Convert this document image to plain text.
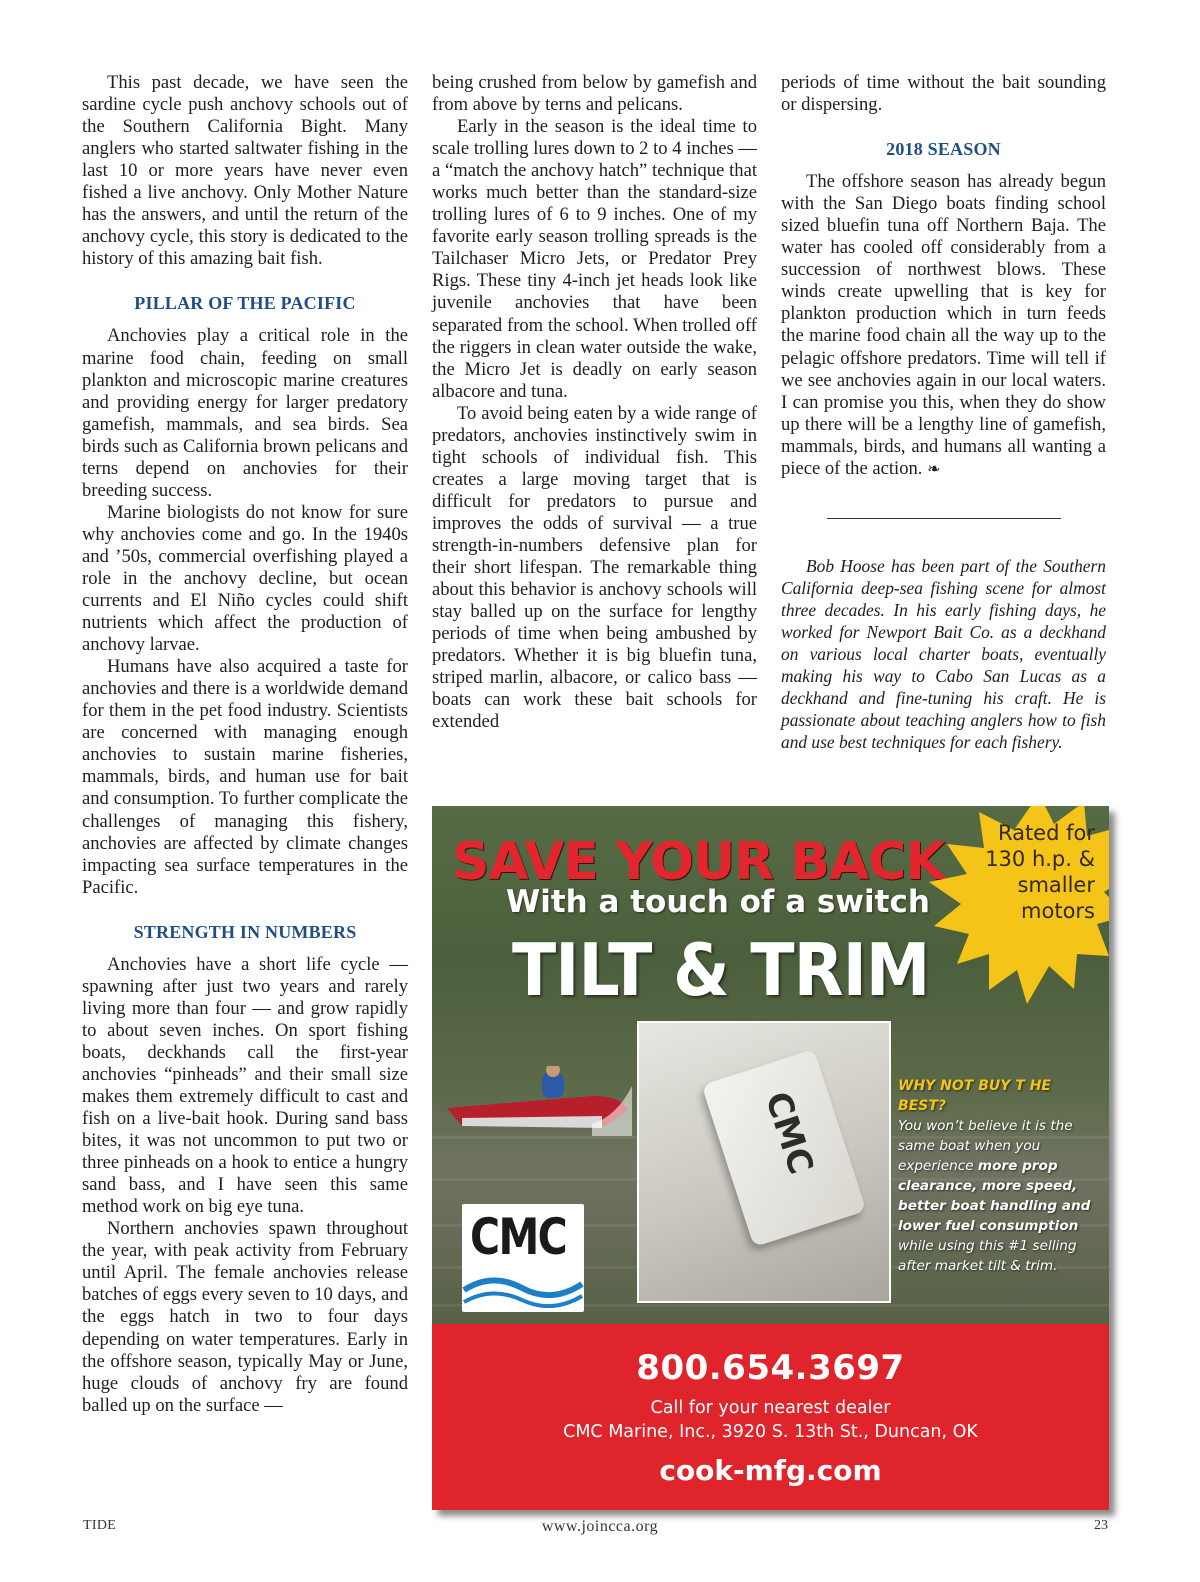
This past decade, we have seen the sardine cycle push anchovy schools out of the Southern California Bight. Many anglers who started saltwater fishing in the last 10 or more years have never even fished a live anchovy. Only Mother Nature has the answers, and until the return of the anchovy cycle, this story is dedicated to the history of this amazing bait fish.

PILLAR OF THE PACIFIC

Anchovies play a critical role in the marine food chain, feeding on small plankton and microscopic marine creatures and providing energy for larger predatory gamefish, mammals, and sea birds. Sea birds such as California brown pelicans and terns depend on anchovies for their breeding success.

Marine biologists do not know for sure why anchovies come and go. In the 1940s and ’50s, commercial overfishing played a role in the anchovy decline, but ocean currents and El Niño cycles could shift nutrients which affect the production of anchovy larvae.

Humans have also acquired a taste for anchovies and there is a worldwide demand for them in the pet food industry. Scientists are concerned with managing enough anchovies to sustain marine fisheries, mammals, birds, and human use for bait and consumption. To further complicate the challenges of managing this fishery, anchovies are affected by climate changes impacting sea surface temperatures in the Pacific.

STRENGTH IN NUMBERS

Anchovies have a short life cycle — spawning after just two years and rarely living more than four — and grow rapidly to about seven inches. On sport fishing boats, deckhands call the first-year anchovies “pinheads” and their small size makes them extremely difficult to cast and fish on a live-bait hook. During sand bass bites, it was not uncommon to put two or three pinheads on a hook to entice a hungry sand bass, and I have seen this same method work on big eye tuna.

Northern anchovies spawn throughout the year, with peak activity from February until April. The female anchovies release batches of eggs every seven to 10 days, and the eggs hatch in two to four days depending on water temperatures. Early in the offshore season, typically May or June, huge clouds of anchovy fry are found balled up on the surface —

being crushed from below by gamefish and from above by terns and pelicans.

Early in the season is the ideal time to scale trolling lures down to 2 to 4 inches — a “match the anchovy hatch” technique that works much better than the standard-size trolling lures of 6 to 9 inches. One of my favorite early season trolling spreads is the Tailchaser Micro Jets, or Predator Prey Rigs. These tiny 4-inch jet heads look like juvenile anchovies that have been separated from the school. When trolled off the riggers in clean water outside the wake, the Micro Jet is deadly on early season albacore and tuna.

To avoid being eaten by a wide range of predators, anchovies instinctively swim in tight schools of individual fish. This creates a large moving target that is difficult for predators to pursue and improves the odds of survival — a true strength-in-numbers defensive plan for their short lifespan. The remarkable thing about this behavior is anchovy schools will stay balled up on the surface for lengthy periods of time when being ambushed by predators. Whether it is big bluefin tuna, striped marlin, albacore, or calico bass — boats can work these bait schools for extended

periods of time without the bait sounding or dispersing.

2018 SEASON

The offshore season has already begun with the San Diego boats finding school sized bluefin tuna off Northern Baja. The water has cooled off considerably from a succession of northwest blows. These winds create upwelling that is key for plankton production which in turn feeds the marine food chain all the way up to the pelagic offshore predators. Time will tell if we see anchovies again in our local waters. I can promise you this, when they do show up there will be a lengthy line of gamefish, mammals, birds, and humans all wanting a piece of the action. ❧

Bob Hoose has been part of the Southern California deep-sea fishing scene for almost three decades. In his early fishing days, he worked for Newport Bait Co. as a deckhand on various local charter boats, eventually making his way to Cabo San Lucas as a deckhand and fine-tuning his craft. He is passionate about teaching anglers how to fish and use best techniques for each fishery.

CMC
CMC
SAVE YOUR BACK
With a touch of a switch
TILT & TRIM
Rated for
130 h.p. &
smaller
motors
WHY NOT BUY T HE BEST?
You won’t believe it is the same boat when you experience more prop clearance, more speed, better boat handling and lower fuel consumption while using this #1 selling after market tilt & trim.
800.654.3697
Call for your nearest dealer
CMC Marine, Inc., 3920 S. 13th St., Duncan, OK
cook-mfg.com
www.joincca.org
TIDE	23
